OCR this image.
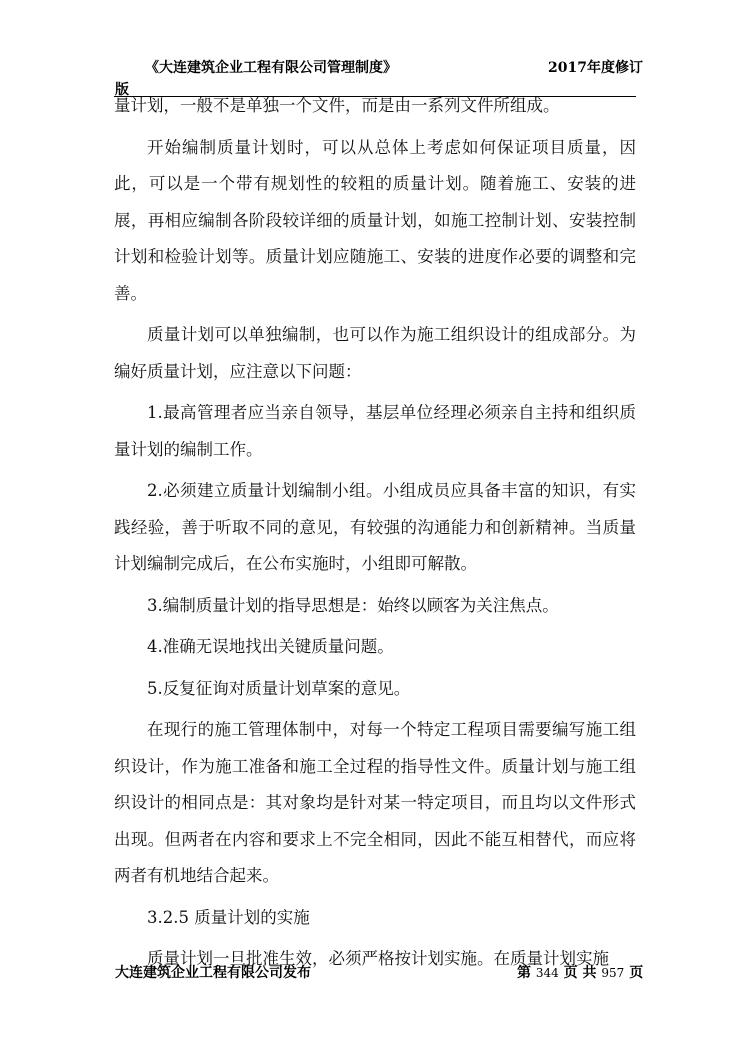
《大连建筑企业工程有限公司管理制度》	2017年度修订
版

量计划，一般不是单独一个文件，而是由一系列文件所组成。

开始编制质量计划时，可以从总体上考虑如何保证项目质量，因此，可以是一个带有规划性的较粗的质量计划。随着施工、安装的进展，再相应编制各阶段较详细的质量计划，如施工控制计划、安装控制计划和检验计划等。质量计划应随施工、安装的进度作必要的调整和完善。

质量计划可以单独编制，也可以作为施工组织设计的组成部分。为编好质量计划，应注意以下问题：

1.最高管理者应当亲自领导，基层单位经理必须亲自主持和组织质量计划的编制工作。

2.必须建立质量计划编制小组。小组成员应具备丰富的知识，有实践经验，善于听取不同的意见，有较强的沟通能力和创新精神。当质量计划编制完成后，在公布实施时，小组即可解散。

3.编制质量计划的指导思想是：始终以顾客为关注焦点。

4.准确无误地找出关键质量问题。

5.反复征询对质量计划草案的意见。

在现行的施工管理体制中，对每一个特定工程项目需要编写施工组织设计，作为施工准备和施工全过程的指导性文件。质量计划与施工组织设计的相同点是：其对象均是针对某一特定项目，而且均以文件形式出现。但两者在内容和要求上不完全相同，因此不能互相替代，而应将两者有机地结合起来。

3.2.5 质量计划的实施

质量计划一旦批准生效，必须严格按计划实施。在质量计划实施

大连建筑企业工程有限公司发布	第 344 页 共 957 页
